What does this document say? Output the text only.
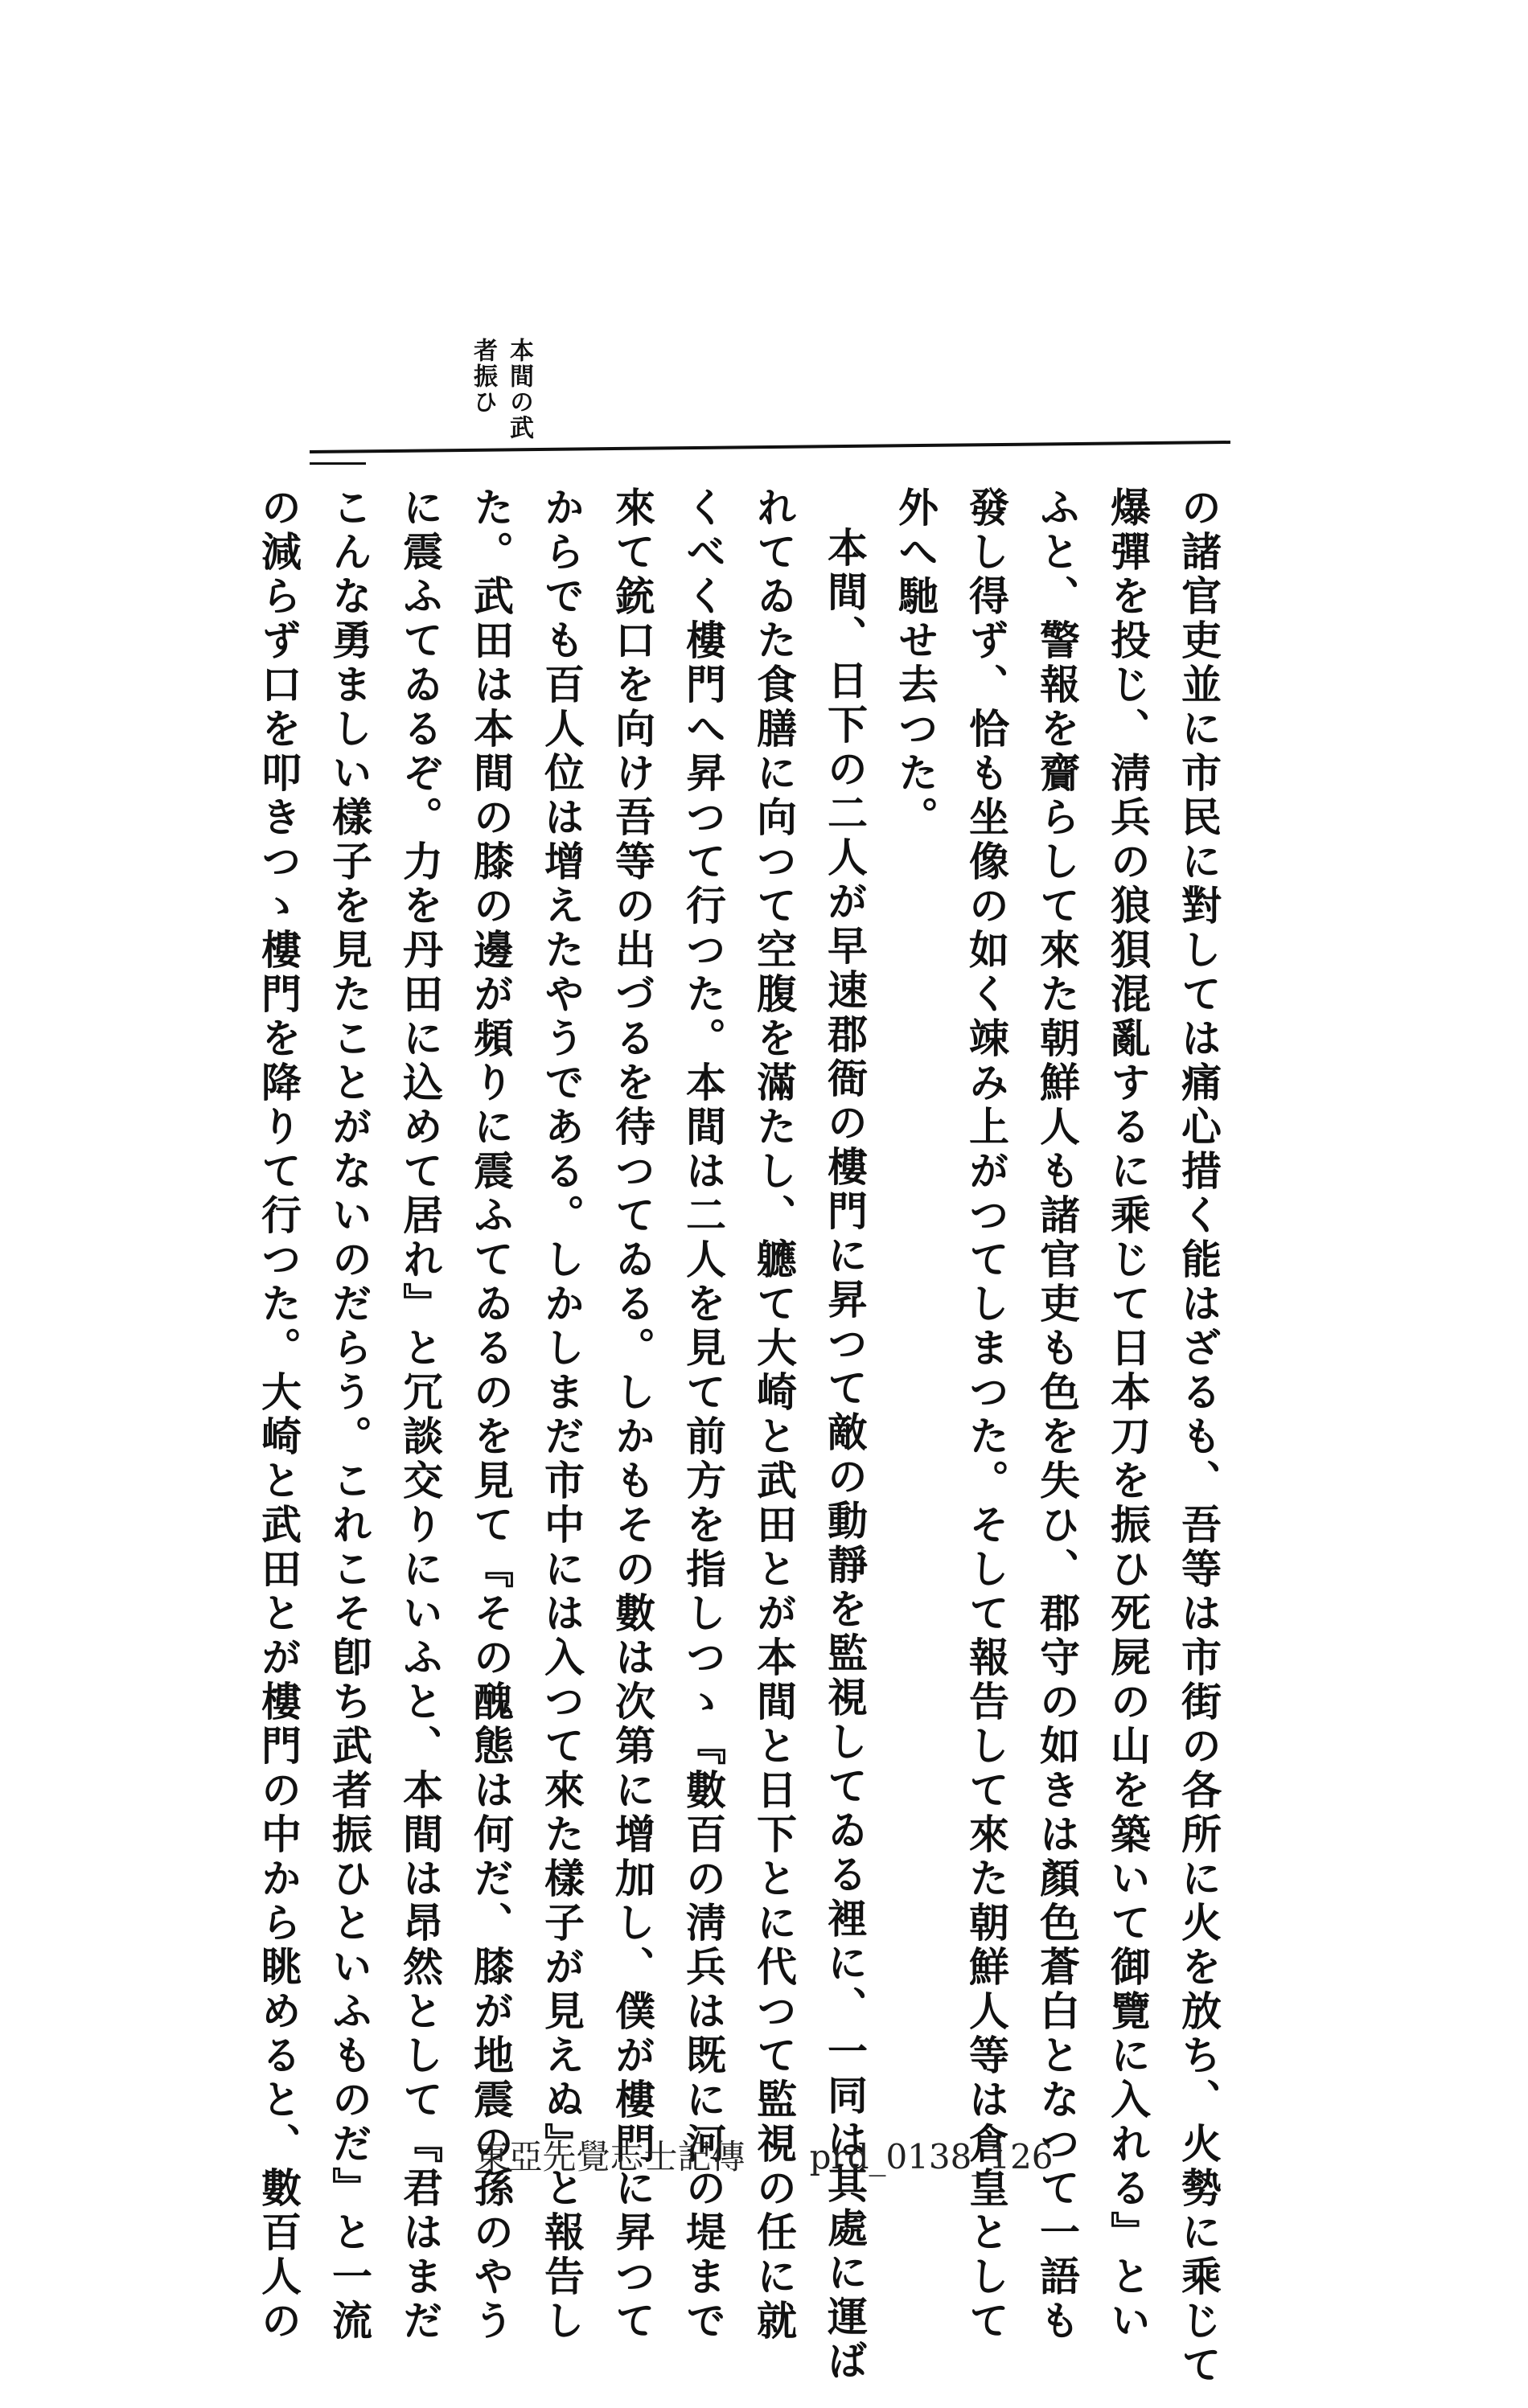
本間の武
者振ひ
の諸官吏並に市民に對しては痛心措く能はざるも、吾等は市街の各所に火を放ち、火勢に乘じて
爆彈を投じ、淸兵の狼狽混亂するに乘じて日本刀を振ひ死屍の山を築いて御覽に入れる』とい
ふと、警報を齎らして來た朝鮮人も諸官吏も色を失ひ、郡守の如きは顏色蒼白となつて一語も
發し得ず、恰も坐像の如く竦み上がつてしまつた。そして報告して來た朝鮮人等は倉皇として
外へ馳せ去つた。
本間、日下の二人が早速郡衙の樓門に昇つて敵の動靜を監視してゐる裡に、一同は其處に運ば
れてゐた食膳に向つて空腹を滿たし、軈て大崎と武田とが本間と日下とに代つて監視の任に就
くべく樓門へ昇つて行つた。本間は二人を見て前方を指しつゝ『數百の淸兵は既に河の堤まで
來て銃口を向け吾等の出づるを待つてゐる。しかもその數は次第に增加し、僕が樓門に昇つて
からでも百人位は增えたやうである。しかしまだ市中には入つて來た樣子が見えぬ』と報告し
た。武田は本間の膝の邊が頻りに震ふてゐるのを見て『その醜態は何だ、膝が地震の孫のやう
に震ふてゐるぞ。力を丹田に込めて居れ』と冗談交りにいふと、本間は昂然として『君はまだ
こんな勇ましい樣子を見たことがないのだらう。これこそ卽ち武者振ひといふものだ』と一流
の減らず口を叩きつゝ樓門を降りて行つた。大崎と武田とが樓門の中から眺めると、數百人の	東亞先覺志士記傳 prd_0138_126
